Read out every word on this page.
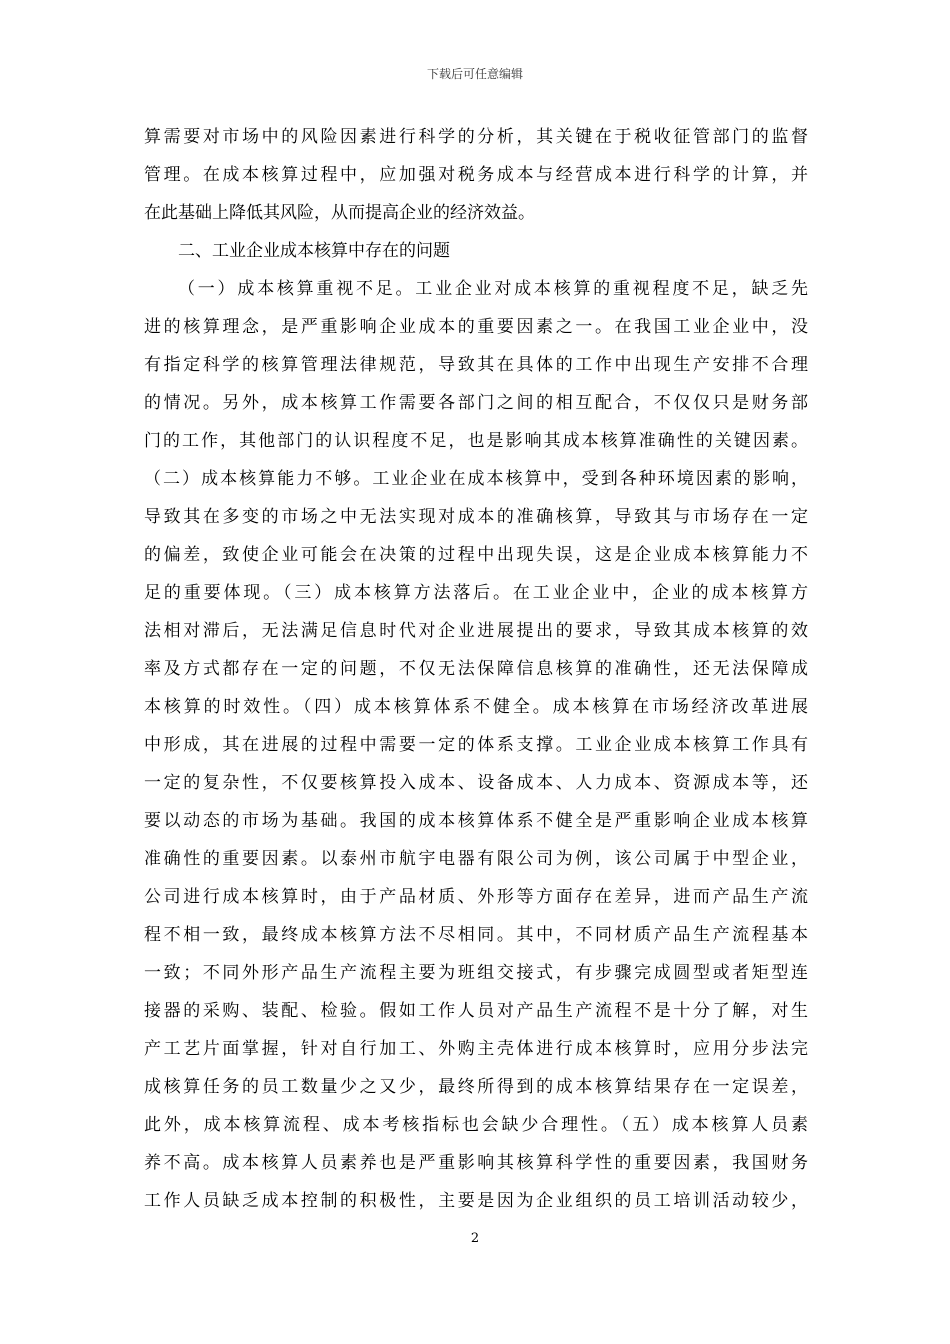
下载后可任意编辑
算需要对市场中的风险因素进行科学的分析，其关键在于税收征管部门的监督
管理。在成本核算过程中，应加强对税务成本与经营成本进行科学的计算，并
在此基础上降低其风险，从而提高企业的经济效益。
二、工业企业成本核算中存在的问题
（一）成本核算重视不足。工业企业对成本核算的重视程度不足，缺乏先
进的核算理念，是严重影响企业成本的重要因素之一。在我国工业企业中，没
有指定科学的核算管理法律规范，导致其在具体的工作中出现生产安排不合理
的情况。另外，成本核算工作需要各部门之间的相互配合，不仅仅只是财务部
门的工作，其他部门的认识程度不足，也是影响其成本核算准确性的关键因素。
（二）成本核算能力不够。工业企业在成本核算中，受到各种环境因素的影响，
导致其在多变的市场之中无法实现对成本的准确核算，导致其与市场存在一定
的偏差，致使企业可能会在决策的过程中出现失误，这是企业成本核算能力不
足的重要体现。（三）成本核算方法落后。在工业企业中，企业的成本核算方
法相对滞后，无法满足信息时代对企业进展提出的要求，导致其成本核算的效
率及方式都存在一定的问题，不仅无法保障信息核算的准确性，还无法保障成
本核算的时效性。（四）成本核算体系不健全。成本核算在市场经济改革进展
中形成，其在进展的过程中需要一定的体系支撑。工业企业成本核算工作具有
一定的复杂性，不仅要核算投入成本、设备成本、人力成本、资源成本等，还
要以动态的市场为基础。我国的成本核算体系不健全是严重影响企业成本核算
准确性的重要因素。以泰州市航宇电器有限公司为例，该公司属于中型企业，
公司进行成本核算时，由于产品材质、外形等方面存在差异，进而产品生产流
程不相一致，最终成本核算方法不尽相同。其中，不同材质产品生产流程基本
一致；不同外形产品生产流程主要为班组交接式，有步骤完成圆型或者矩型连
接器的采购、装配、检验。假如工作人员对产品生产流程不是十分了解，对生
产工艺片面掌握，针对自行加工、外购主壳体进行成本核算时，应用分步法完
成核算任务的员工数量少之又少，最终所得到的成本核算结果存在一定误差，
此外，成本核算流程、成本考核指标也会缺少合理性。（五）成本核算人员素
养不高。成本核算人员素养也是严重影响其核算科学性的重要因素，我国财务
工作人员缺乏成本控制的积极性，主要是因为企业组织的员工培训活动较少，
2
